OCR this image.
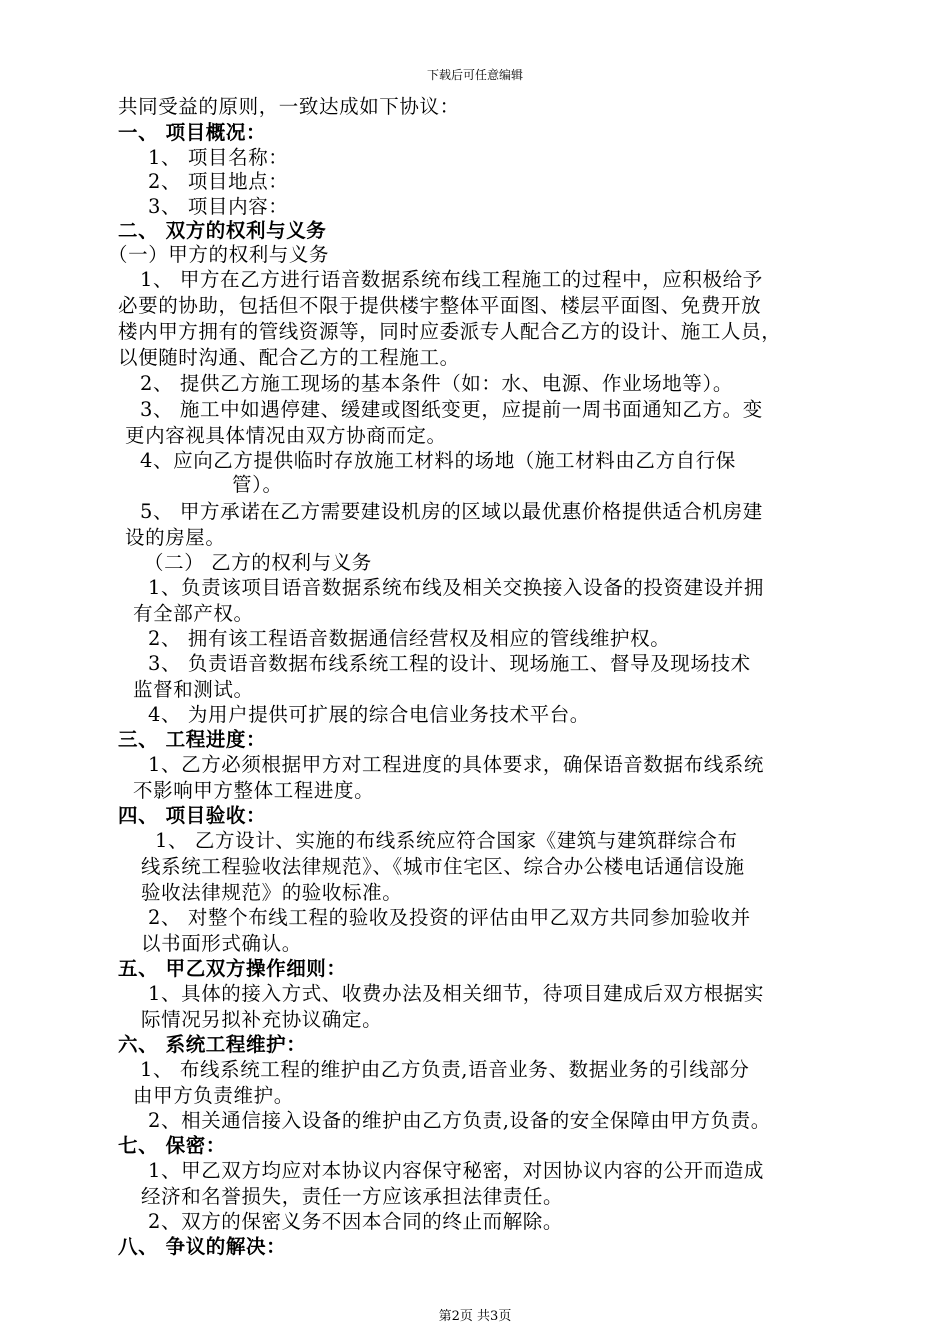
下载后可任意编辑
共同受益的原则，一致达成如下协议：
一、 项目概况：
1、 项目名称：
2、 项目地点：
3、 项目内容：
二、 双方的权利与义务
（一）甲方的权利与义务
1、 甲方在乙方进行语音数据系统布线工程施工的过程中，应积极给予
必要的协助，包括但不限于提供楼宇整体平面图、楼层平面图、免费开放
楼内甲方拥有的管线资源等，同时应委派专人配合乙方的设计、施工人员，
以便随时沟通、配合乙方的工程施工。
2、 提供乙方施工现场的基本条件（如：水、电源、作业场地等）。
3、 施工中如遇停建、缓建或图纸变更，应提前一周书面通知乙方。变
更内容视具体情况由双方协商而定。
4、应向乙方提供临时存放施工材料的场地（施工材料由乙方自行保
管）。
5、 甲方承诺在乙方需要建设机房的区域以最优惠价格提供适合机房建
设的房屋。
（二） 乙方的权利与义务
1、负责该项目语音数据系统布线及相关交换接入设备的投资建设并拥
有全部产权。
2、 拥有该工程语音数据通信经营权及相应的管线维护权。
3、 负责语音数据布线系统工程的设计、现场施工、督导及现场技术
监督和测试。
4、 为用户提供可扩展的综合电信业务技术平台。
三、 工程进度：
1、乙方必须根据甲方对工程进度的具体要求，确保语音数据布线系统
不影响甲方整体工程进度。
四、 项目验收：
1、 乙方设计、实施的布线系统应符合国家《建筑与建筑群综合布
线系统工程验收法律规范》、《城市住宅区、综合办公楼电话通信设施
验收法律规范》的验收标准。
2、 对整个布线工程的验收及投资的评估由甲乙双方共同参加验收并
以书面形式确认。
五、 甲乙双方操作细则：
1、具体的接入方式、收费办法及相关细节，待项目建成后双方根据实
际情况另拟补充协议确定。
六、 系统工程维护：
1、 布线系统工程的维护由乙方负责,语音业务、数据业务的引线部分
由甲方负责维护。
2、相关通信接入设备的维护由乙方负责,设备的安全保障由甲方负责。
七、 保密：
1、甲乙双方均应对本协议内容保守秘密，对因协议内容的公开而造成
经济和名誉损失，责任一方应该承担法律责任。
2、双方的保密义务不因本合同的终止而解除。
八、 争议的解决：
第2页 共3页
